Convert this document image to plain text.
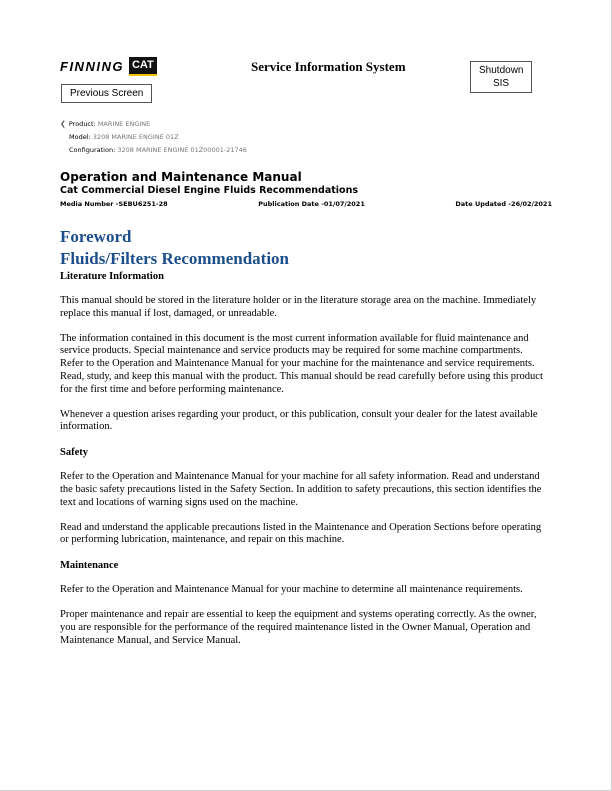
FINNING CAT	Service Information System	Shutdown SIS
Previous Screen
❮ Product: MARINE ENGINE
Model: 3208 MARINE ENGINE 01Z
Configuration: 3208 MARINE ENGINE 01Z00001-21746
Operation and Maintenance Manual
Cat Commercial Diesel Engine Fluids Recommendations
Media Number -SEBU6251-28	Publication Date -01/07/2021	Date Updated -26/02/2021
Foreword
Fluids/Filters Recommendation
Literature Information

This manual should be stored in the literature holder or in the literature storage area on the machine. Immediately replace this manual if lost, damaged, or unreadable.

The information contained in this document is the most current information available for fluid maintenance and service products. Special maintenance and service products may be required for some machine compartments. Refer to the Operation and Maintenance Manual for your machine for the maintenance and service requirements. Read, study, and keep this manual with the product. This manual should be read carefully before using this product for the first time and before performing maintenance.

Whenever a question arises regarding your product, or this publication, consult your dealer for the latest available information.

Safety

Refer to the Operation and Maintenance Manual for your machine for all safety information. Read and understand the basic safety precautions listed in the Safety Section. In addition to safety precautions, this section identifies the text and locations of warning signs used on the machine.

Read and understand the applicable precautions listed in the Maintenance and Operation Sections before operating or performing lubrication, maintenance, and repair on this machine.

Maintenance

Refer to the Operation and Maintenance Manual for your machine to determine all maintenance requirements.

Proper maintenance and repair are essential to keep the equipment and systems operating correctly. As the owner, you are responsible for the performance of the required maintenance listed in the Owner Manual, Operation and Maintenance Manual, and Service Manual.
